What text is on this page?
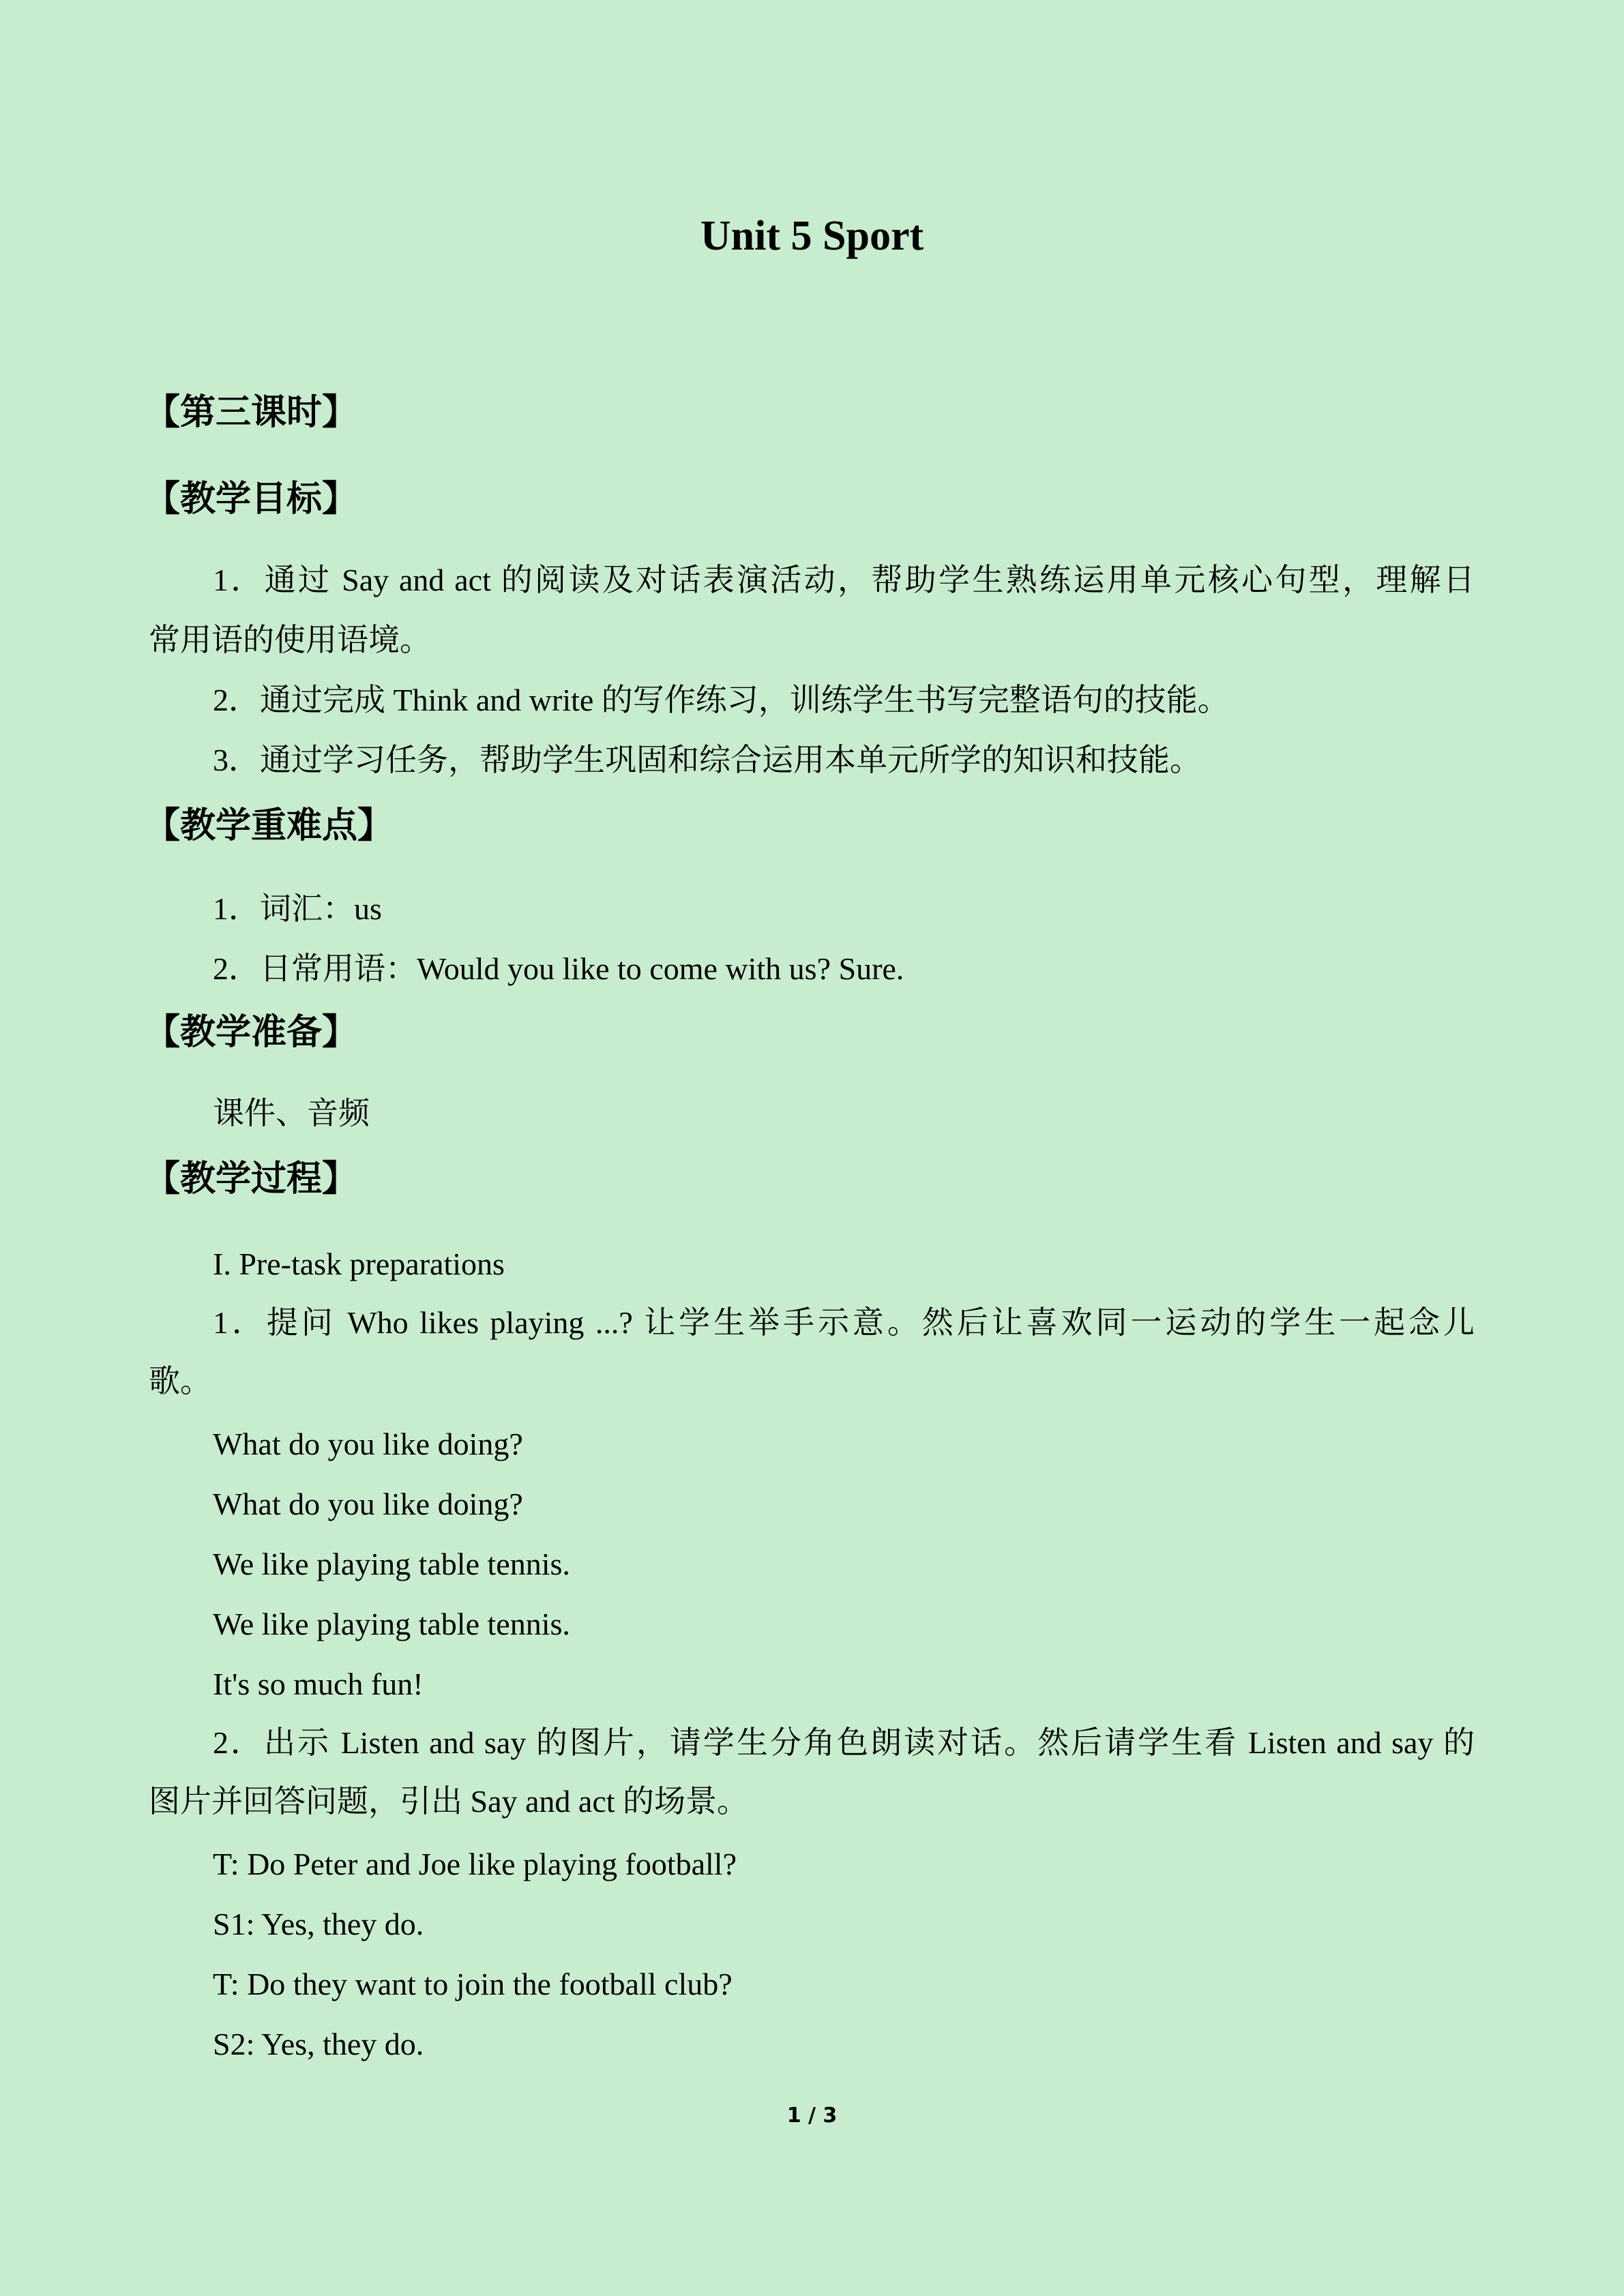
Unit 5 Sport
【第三课时】
【教学目标】
1．通过 Say and act 的阅读及对话表演活动，帮助学生熟练运用单元核心句型，理解日
常用语的使用语境。
2．通过完成 Think and write 的写作练习，训练学生书写完整语句的技能。
3．通过学习任务，帮助学生巩固和综合运用本单元所学的知识和技能。
【教学重难点】
1．词汇：us
2．日常用语：Would you like to come with us? Sure.
【教学准备】
课件、音频
【教学过程】
I. Pre-task preparations
1．提问 Who likes playing ...? 让学生举手示意。然后让喜欢同一运动的学生一起念儿
歌。
What do you like doing?
What do you like doing?
We like playing table tennis.
We like playing table tennis.
It's so much fun!
2．出示 Listen and say 的图片，请学生分角色朗读对话。然后请学生看 Listen and say 的
图片并回答问题，引出 Say and act 的场景。
T: Do Peter and Joe like playing football?
S1: Yes, they do.
T: Do they want to join the football club?
S2: Yes, they do.
1 / 3
